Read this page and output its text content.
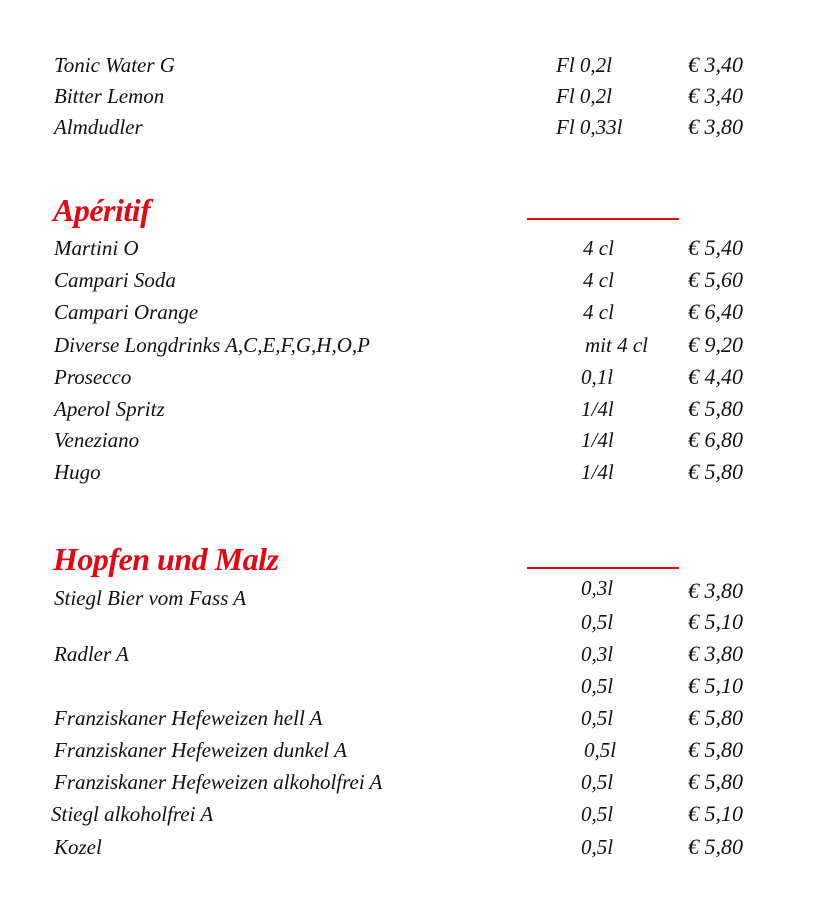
Tonic Water G	Fl 0,2l	€ 3,40
Bitter Lemon	Fl 0,2l	€ 3,40
Almdudler	Fl 0,33l	€ 3,80
Apéritif
Martini O	4 cl	€ 5,40
Campari Soda	4 cl	€ 5,60
Campari Orange	4 cl	€ 6,40
Diverse Longdrinks A,C,E,F,G,H,O,P	mit 4 cl € 9,20
Prosecco	0,1l	€ 4,40
Aperol Spritz	1/4l	€ 5,80
Veneziano	1/4l	€ 6,80
Hugo	1/4l	€ 5,80
Hopfen und Malz
Stiegl Bier vom Fass A	0,3l	€ 3,80
0,5l	€ 5,10
Radler A	0,3l	€ 3,80
0,5l	€ 5,10
Franziskaner Hefeweizen hell A	0,5l	€ 5,80
Franziskaner Hefeweizen dunkel A	0,5l	€ 5,80
Franziskaner Hefeweizen alkoholfrei A	0,5l	€ 5,80
Stiegl alkoholfrei A	0,5l	€ 5,10
Kozel	0,5l	€ 5,80
